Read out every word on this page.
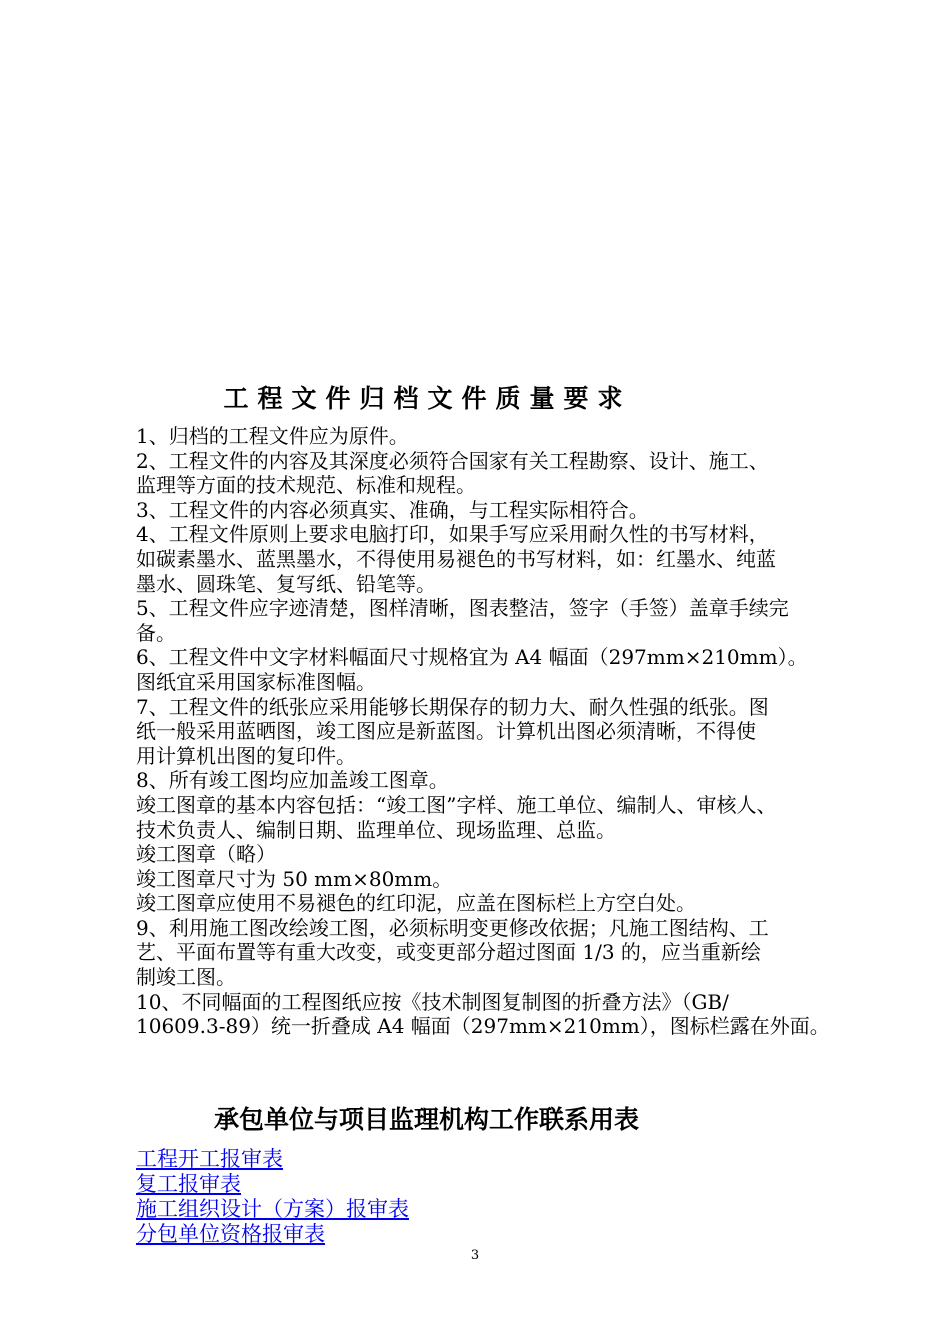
工程文件归档文件质量要求

1、归档的工程文件应为原件。

2、工程文件的内容及其深度必须符合国家有关工程勘察、设计、施工、

监理等方面的技术规范、标准和规程。

3、工程文件的内容必须真实、准确，与工程实际相符合。

4、工程文件原则上要求电脑打印，如果手写应采用耐久性的书写材料，

如碳素墨水、蓝黑墨水，不得使用易褪色的书写材料，如：红墨水、纯蓝

墨水、圆珠笔、复写纸、铅笔等。

5、工程文件应字迹清楚，图样清晰，图表整洁，签字（手签）盖章手续完

备。

6、工程文件中文字材料幅面尺寸规格宜为 A4 幅面（297mm×210mm）。

图纸宜采用国家标准图幅。

7、工程文件的纸张应采用能够长期保存的韧力大、耐久性强的纸张。图

纸一般采用蓝晒图，竣工图应是新蓝图。计算机出图必须清晰，不得使

用计算机出图的复印件。

8、所有竣工图均应加盖竣工图章。

竣工图章的基本内容包括：“竣工图”字样、施工单位、编制人、审核人、

技术负责人、编制日期、监理单位、现场监理、总监。

竣工图章（略）

竣工图章尺寸为 50 mm×80mm。

竣工图章应使用不易褪色的红印泥，应盖在图标栏上方空白处。

9、利用施工图改绘竣工图，必须标明变更修改依据；凡施工图结构、工

艺、平面布置等有重大改变，或变更部分超过图面 1/3 的，应当重新绘

制竣工图。

10、不同幅面的工程图纸应按《技术制图复制图的折叠方法》（GB/

10609.3-89）统一折叠成 A4 幅面（297mm×210mm），图标栏露在外面。

承包单位与项目监理机构工作联系用表
工程开工报审表
复工报审表
施工组织设计（方案）报审表
分包单位资格报审表
3
